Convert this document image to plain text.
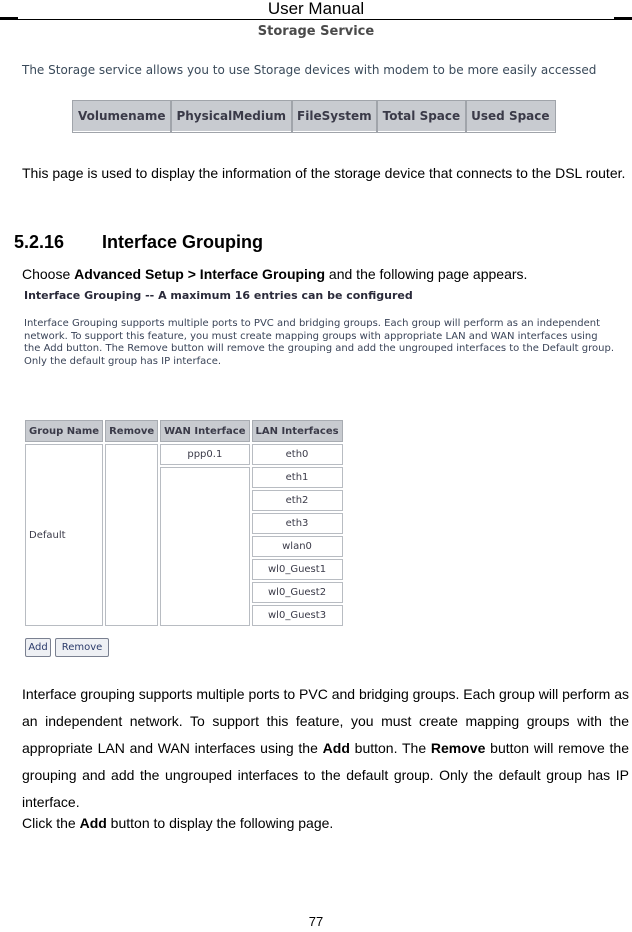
User Manual
Storage Service
The Storage service allows you to use Storage devices with modem to be more easily accessed
Volumename	PhysicalMedium	FileSystem	Total Space	Used Space
This page is used to display the information of the storage device that connects to the DSL router.
5.2.16 Interface Grouping
Choose Advanced Setup > Interface Grouping and the following page appears.
Interface Grouping -- A maximum 16 entries can be configured
Interface Grouping supports multiple ports to PVC and bridging groups. Each group will perform as an independent network. To support this feature, you must create mapping groups with appropriate LAN and WAN interfaces using the Add button. The Remove button will remove the grouping and add the ungrouped interfaces to the Default group. Only the default group has IP interface.
Group Name	Remove	WAN Interface	LAN Interfaces
Default		ppp0.1	eth0
			eth1
			eth2
			eth3
			wlan0
			wl0_Guest1
			wl0_Guest2
			wl0_Guest3
Add	Remove
Interface grouping supports multiple ports to PVC and bridging groups. Each group will perform as an independent network. To support this feature, you must create mapping groups with the appropriate LAN and WAN interfaces using the Add button. The Remove button will remove the grouping and add the ungrouped interfaces to the default group. Only the default group has IP interface.
Click the Add button to display the following page.
77
